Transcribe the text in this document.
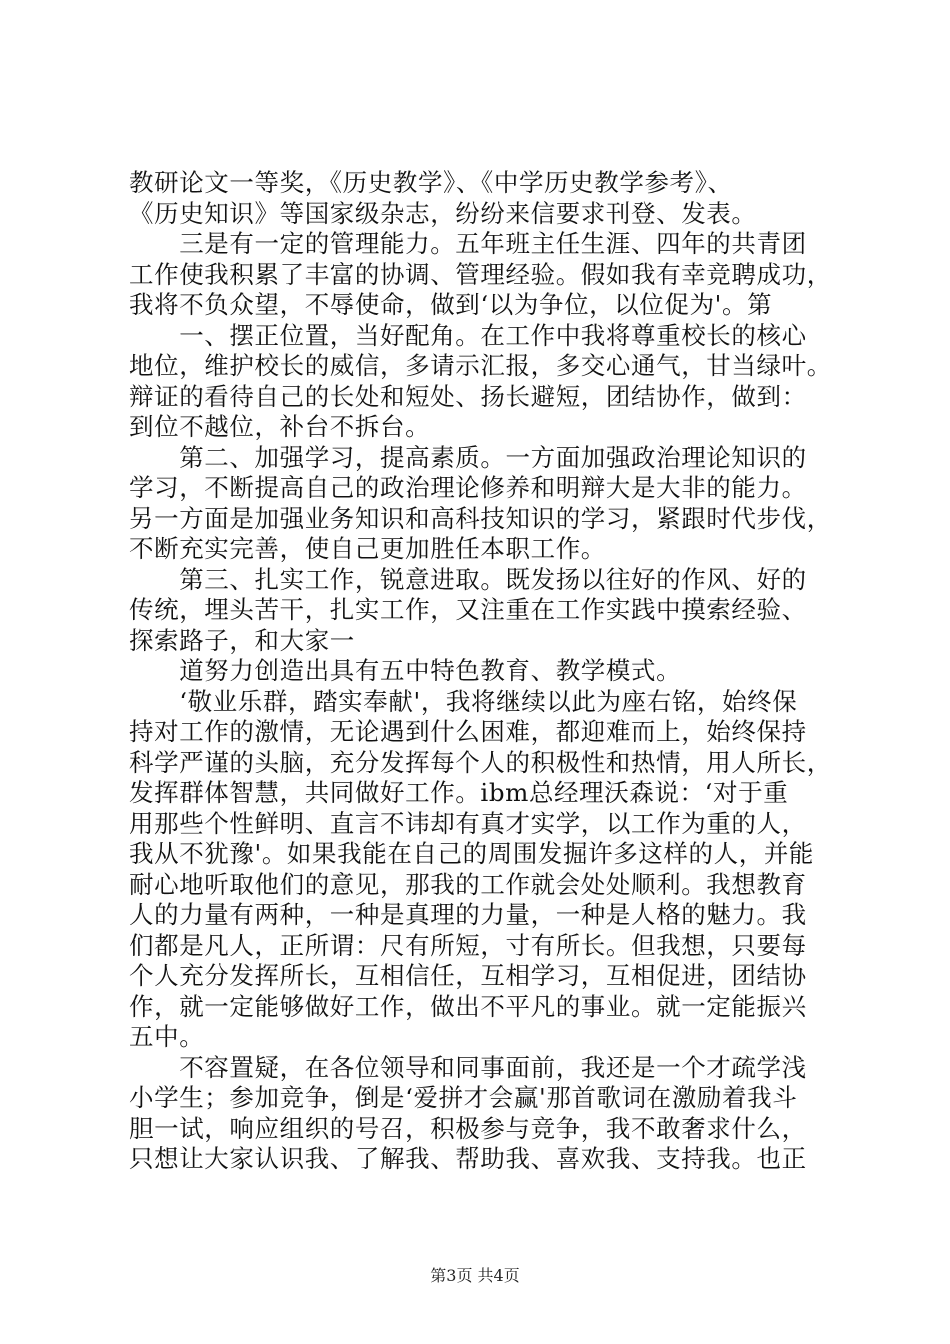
教研论文一等奖，《历史教学》、《中学历史教学参考》、
《历史知识》等国家级杂志，纷纷来信要求刊登、发表。
　　三是有一定的管理能力。五年班主任生涯、四年的共青团
工作使我积累了丰富的协调、管理经验。假如我有幸竞聘成功，
我将不负众望，不辱使命，做到‘以为争位，以位促为'。第
　　一、摆正位置，当好配角。在工作中我将尊重校长的核心
地位，维护校长的威信，多请示汇报，多交心通气，甘当绿叶。
辩证的看待自己的长处和短处、扬长避短，团结协作，做到：
到位不越位，补台不拆台。
　　第二、加强学习，提高素质。一方面加强政治理论知识的
学习，不断提高自己的政治理论修养和明辩大是大非的能力。
另一方面是加强业务知识和高科技知识的学习，紧跟时代步伐，
不断充实完善，使自己更加胜任本职工作。
　　第三、扎实工作，锐意进取。既发扬以往好的作风、好的
传统，埋头苦干，扎实工作，又注重在工作实践中摸索经验、
探索路子，和大家一
　　道努力创造出具有五中特色教育、教学模式。
　　‘敬业乐群，踏实奉献'，我将继续以此为座右铭，始终保
持对工作的激情，无论遇到什么困难，都迎难而上，始终保持
科学严谨的头脑，充分发挥每个人的积极性和热情，用人所长，
发挥群体智慧，共同做好工作。ibm总经理沃森说：‘对于重
用那些个性鲜明、直言不讳却有真才实学，以工作为重的人，
我从不犹豫'。如果我能在自己的周围发掘许多这样的人，并能
耐心地听取他们的意见，那我的工作就会处处顺利。我想教育
人的力量有两种，一种是真理的力量，一种是人格的魅力。我
们都是凡人，正所谓：尺有所短，寸有所长。但我想，只要每
个人充分发挥所长，互相信任，互相学习，互相促进，团结协
作，就一定能够做好工作，做出不平凡的事业。就一定能振兴
五中。
　　不容置疑，在各位领导和同事面前，我还是一个才疏学浅
小学生；参加竞争，倒是‘爱拼才会赢'那首歌词在激励着我斗
胆一试，响应组织的号召，积极参与竞争，我不敢奢求什么，
只想让大家认识我、了解我、帮助我、喜欢我、支持我。也正
第3页 共4页
